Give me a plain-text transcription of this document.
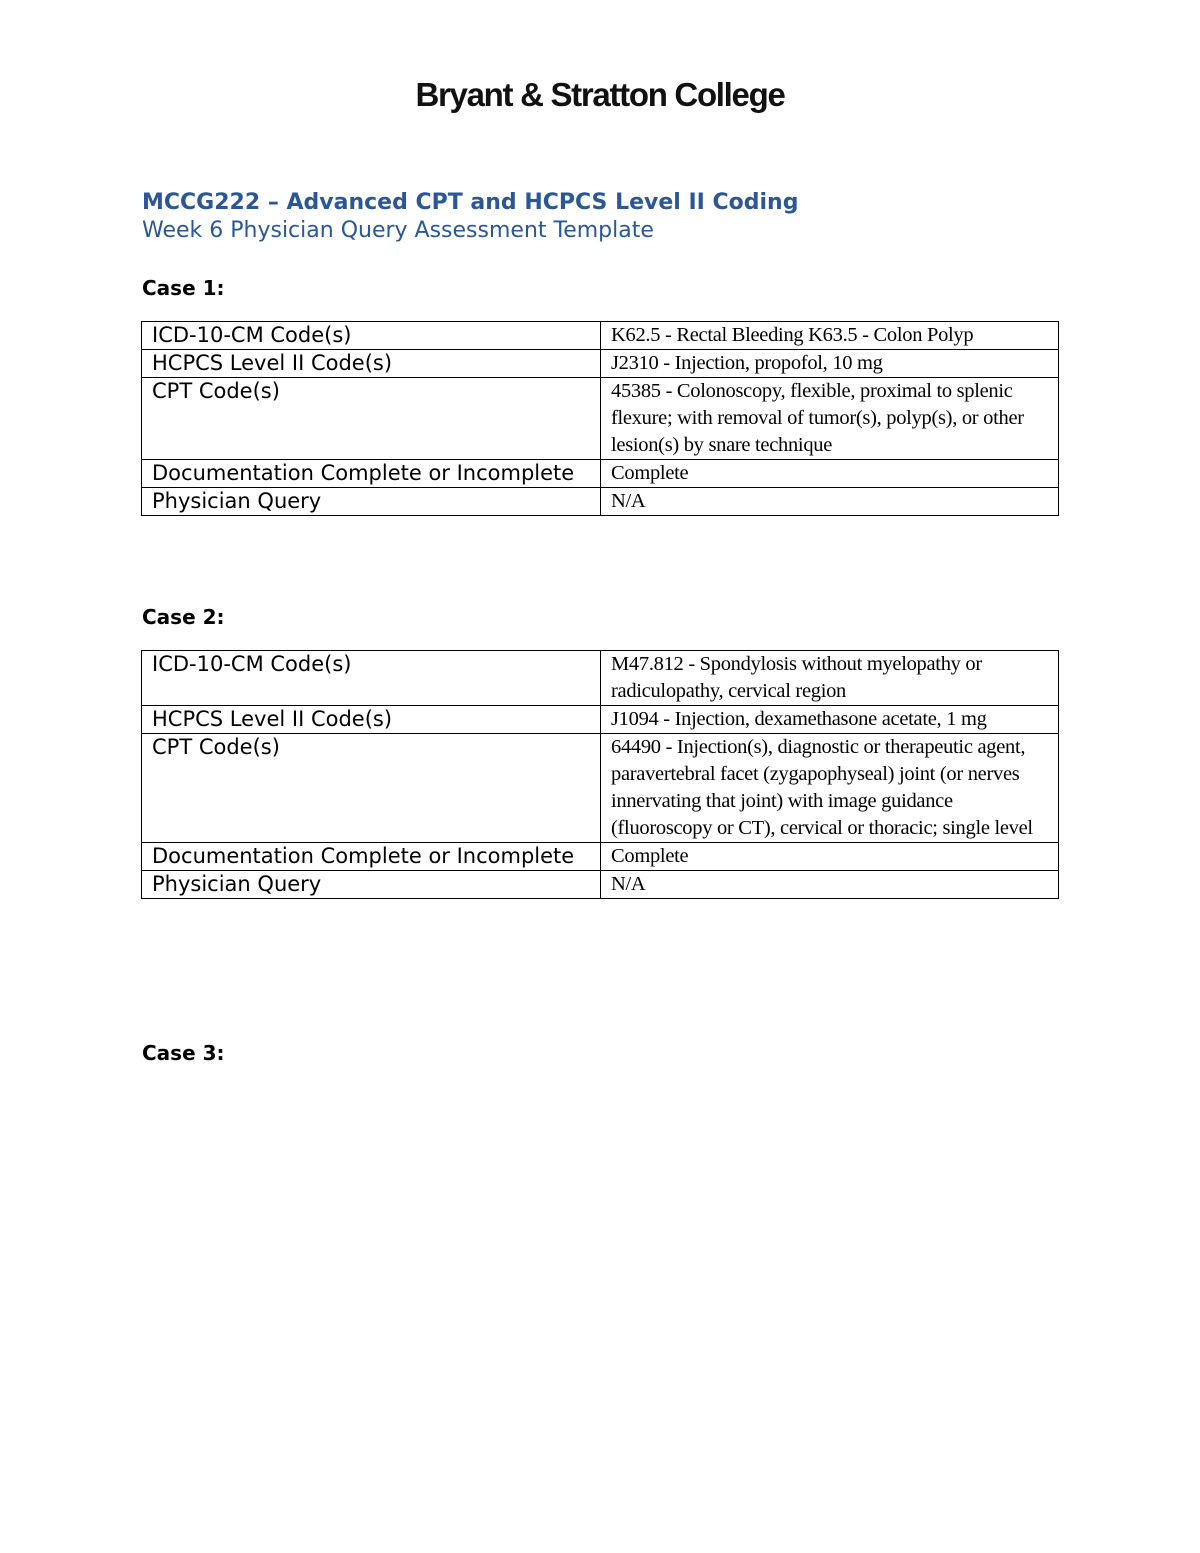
Bryant & Stratton College
MCCG222 – Advanced CPT and HCPCS Level II Coding
Week 6 Physician Query Assessment Template
Case 1:
ICD-10-CM Code(s)	K62.5 - Rectal Bleeding K63.5 - Colon Polyp
HCPCS Level II Code(s)	J2310 - Injection, propofol, 10 mg
CPT Code(s)	45385 - Colonoscopy, flexible, proximal to splenic flexure; with removal of tumor(s), polyp(s), or other lesion(s) by snare technique
Documentation Complete or Incomplete	Complete
Physician Query	N/A
Case 2:
ICD-10-CM Code(s)	M47.812 - Spondylosis without myelopathy or radiculopathy, cervical region
HCPCS Level II Code(s)	J1094 - Injection, dexamethasone acetate, 1 mg
CPT Code(s)	64490 - Injection(s), diagnostic or therapeutic agent, paravertebral facet (zygapophyseal) joint (or nerves innervating that joint) with image guidance (fluoroscopy or CT), cervical or thoracic; single level
Documentation Complete or Incomplete	Complete
Physician Query	N/A
Case 3:
